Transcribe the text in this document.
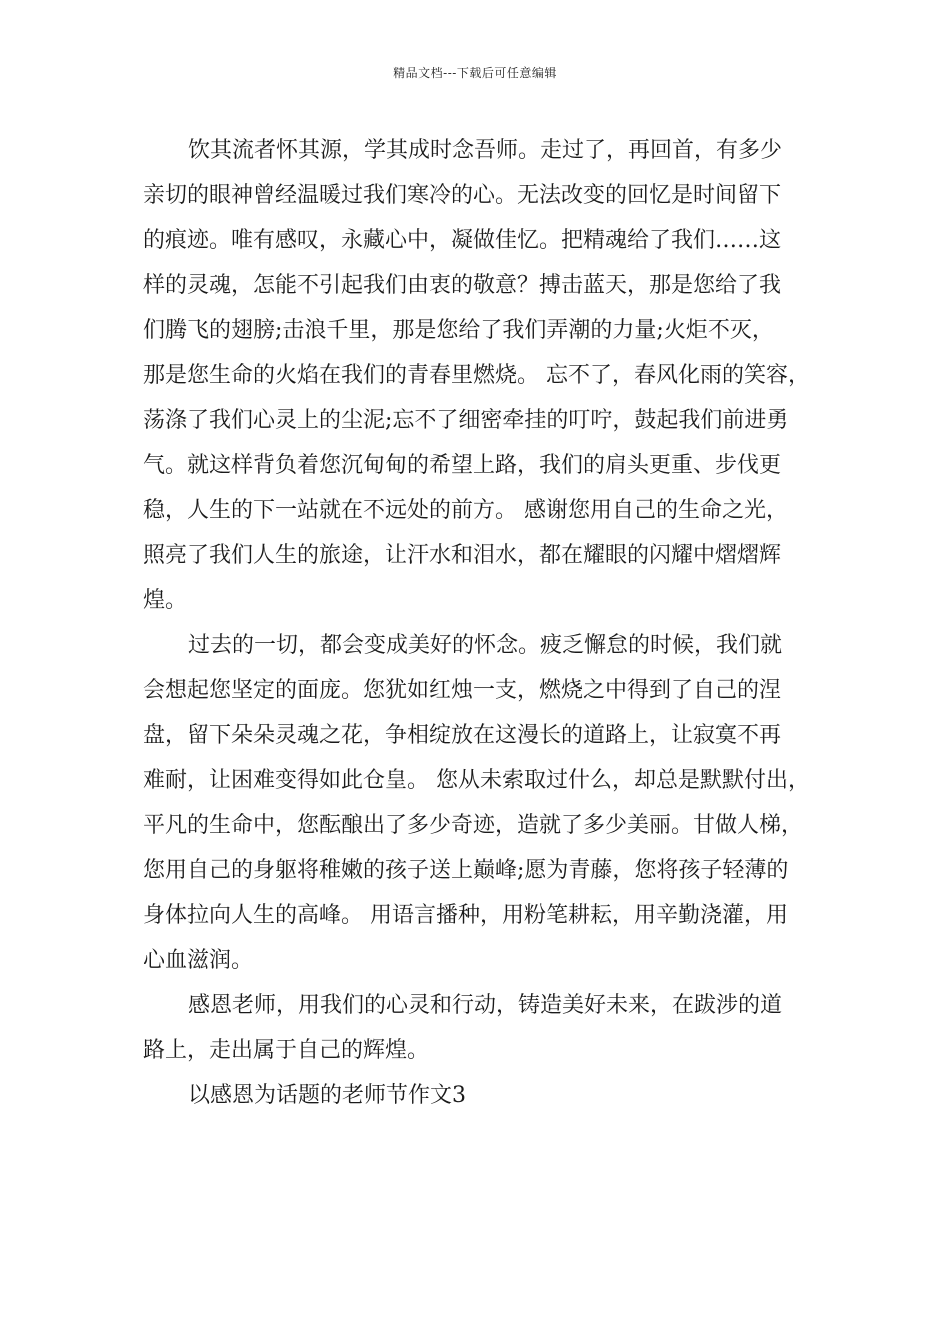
精品文档---下载后可任意编辑
饮其流者怀其源，学其成时念吾师。走过了，再回首，有多少
亲切的眼神曾经温暖过我们寒冷的心。无法改变的回忆是时间留下
的痕迹。唯有感叹，永藏心中，凝做佳忆。把精魂给了我们……这
样的灵魂，怎能不引起我们由衷的敬意？搏击蓝天，那是您给了我
们腾飞的翅膀;击浪千里，那是您给了我们弄潮的力量;火炬不灭，
那是您生命的火焰在我们的青春里燃烧。 忘不了，春风化雨的笑容，
荡涤了我们心灵上的尘泥;忘不了细密牵挂的叮咛，鼓起我们前进勇
气。就这样背负着您沉甸甸的希望上路，我们的肩头更重、步伐更
稳，人生的下一站就在不远处的前方。 感谢您用自己的生命之光，
照亮了我们人生的旅途，让汗水和泪水，都在耀眼的闪耀中熠熠辉
煌。
过去的一切，都会变成美好的怀念。疲乏懈怠的时候，我们就
会想起您坚定的面庞。您犹如红烛一支，燃烧之中得到了自己的涅
盘，留下朵朵灵魂之花，争相绽放在这漫长的道路上，让寂寞不再
难耐，让困难变得如此仓皇。 您从未索取过什么，却总是默默付出，
平凡的生命中，您酝酿出了多少奇迹，造就了多少美丽。甘做人梯，
您用自己的身躯将稚嫩的孩子送上巅峰;愿为青藤，您将孩子轻薄的
身体拉向人生的高峰。 用语言播种，用粉笔耕耘，用辛勤浇灌，用
心血滋润。
感恩老师，用我们的心灵和行动，铸造美好未来，在跋涉的道
路上，走出属于自己的辉煌。
以感恩为话题的老师节作文3
